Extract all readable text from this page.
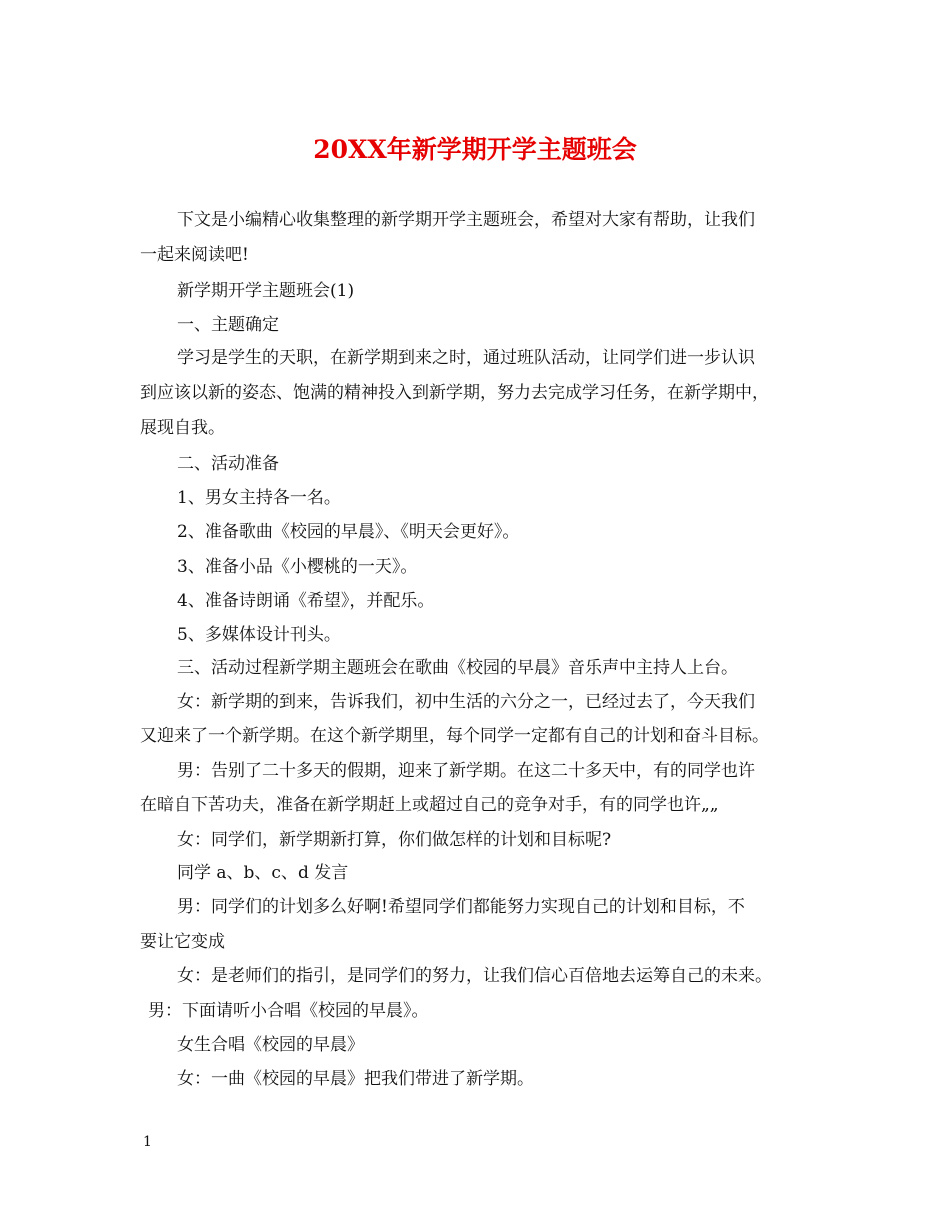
20XX年新学期开学主题班会
下文是小编精心收集整理的新学期开学主题班会，希望对大家有帮助，让我们
一起来阅读吧!
新学期开学主题班会(1)
一、主题确定
学习是学生的天职，在新学期到来之时，通过班队活动，让同学们进一步认识
到应该以新的姿态、饱满的精神投入到新学期，努力去完成学习任务，在新学期中，
展现自我。
二、活动准备
1、男女主持各一名。
2、准备歌曲《校园的早晨》、《明天会更好》。
3、准备小品《小樱桃的一天》。
4、准备诗朗诵《希望》，并配乐。
5、多媒体设计刊头。
三、活动过程新学期主题班会在歌曲《校园的早晨》音乐声中主持人上台。
女：新学期的到来，告诉我们，初中生活的六分之一，已经过去了，今天我们
又迎来了一个新学期。在这个新学期里，每个同学一定都有自己的计划和奋斗目标。
男：告别了二十多天的假期，迎来了新学期。在这二十多天中，有的同学也许
在暗自下苦功夫，准备在新学期赶上或超过自己的竞争对手，有的同学也许„„
女：同学们，新学期新打算，你们做怎样的计划和目标呢?
同学 a、b、c、d 发言
男：同学们的计划多么好啊!希望同学们都能努力实现自己的计划和目标，不
要让它变成
女：是老师们的指引，是同学们的努力，让我们信心百倍地去运筹自己的未来。
男：下面请听小合唱《校园的早晨》。
女生合唱《校园的早晨》
女：一曲《校园的早晨》把我们带进了新学期。
1
